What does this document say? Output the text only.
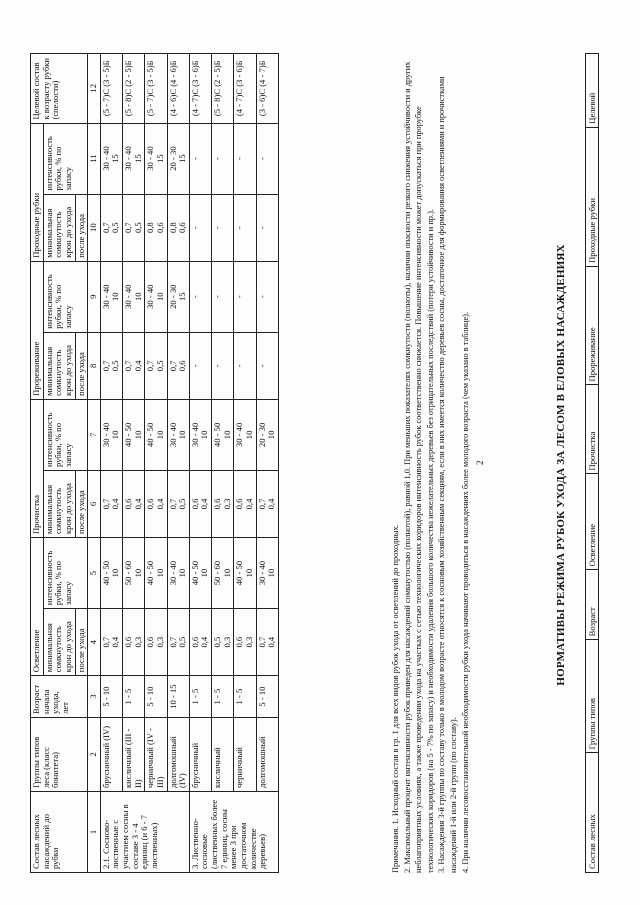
Состав лесных насаждений до рубки	Группы типов леса (класс бонитета)	Возраст начала ухода, лет	Осветление		Прочистка		Прореживание		Проходные рубки		Целевой состав к возрасту рубки (спелости)
			минимальная сомкнутость крон до ухода	интенсивность рубки, % по запасу	минимальная сомкнутость крон до ухода	интенсивность рубки, % по запасу	минимальная сомкнутость крон до ухода	интенсивность рубки, % по запасу	минимальная сомкнутость крон до ухода	интенсивность рубки, % по запасу	
			после ухода		после ухода		после ухода		после ухода		
1	2	3	4	5	6	7	8	9	10	11	12
2.1. Сосново-лиственные с участием сосны в составе 3 - 4 единиц (и 6 - 7 лиственных)	брусничный (IV)	5 - 10	0,7 0,4	40 - 50 10	0,7 0,4	30 - 40 10	0,7 0,5	30 - 40 10	0,7 0,5	30 - 40 15	(5 - 7)С (3 - 5)Б
	кисличный (III - II)	1 - 5	0,6 0,3	50 - 60 10	0,6 0,4	40 - 50 10	0,7 0,4	30 - 40 10	0,7 0,5	30 - 40 15	(5 - 8)С (2 - 5)Б
	черничный (IV - III)	5 - 10	0,6 0,3	40 - 50 10	0,6 0,4	40 - 50 10	0,7 0,5	30 - 40 10	0,8 0,6	30 - 40 15	(5 - 7)С (3 - 5)Б
	долгомошный (IV)	10 - 15	0,7 0,5	30 - 40 10	0,7 0,5	30 - 40 10	0,7 0,6	20 - 30 15	0,8 0,6	20 - 30 15	(4 - 6)С (4 - 6)Б
3. Лиственно-сосновые (лиственных более 7 единиц, сосны менее 3 при достаточном количестве деревьев)	брусничный	1 - 5	0,6 0,4	40 - 50 10	0,6 0,4	30 - 40 10	-	-	-	-	(4 - 7)С (3 - 6)Б
	кисличный	1 - 5	0,5 0,3	50 - 60 10	0,6 0,3	40 - 50 10	-	-	-	-	(5 - 8)С (2 - 5)Б
	черничный	1 - 5	0,6 0,3	40 - 50 10	0,6 0,4	30 - 40 10	-	-	-	-	(4 - 7)С (3 - 6)Б
	долгомошный	5 - 10	0,7 0,4	30 - 40 10	0,7 0,4	20 - 30 10	-	-	-	-	(3 - 6)С (4 - 7)Б

Примечания. 1. Исходный состав в гр. 1 для всех видов рубок ухода от осветлений до проходных. 2. Максимальный процент интенсивности рубок приведен для насаждений сомкнутостью (полнотой), равной 1,0. При меньших показателях сомкнутости (полноты), наличии опасности резкого снижения устойчивости и других неблагоприятных условиях, а также проведении ухода на участках с сетью технологических коридоров интенсивность рубок соответственно снижается. Повышение интенсивности может допускаться при прорубке технологических коридоров (на 5 - 7% по запасу) и необходимости удаления большого количества нежелательных деревьев без отрицательных последствий (потери устойчивости и пр.). 3. Насаждения 3-й группы по составу только в молодом возрасте относятся к сосновым хозяйственным секциям, если в них имеется количество деревьев сосны, достаточное для формирования осветлениями и прочистками насаждений 1-й или 2-й групп (по составу). 4. При наличии лесовосстановительной необходимости рубки ухода начинают проводиться в насаждениях более молодого возраста (чем указано в таблице). 2	НОРМАТИВЫ РЕЖИМА РУБОК УХОДА ЗА ЛЕСОМ В ЕЛОВЫХ НАСАЖДЕНИЯХ
Состав лесных	Группы типов	Возраст	Осветление	Прочистка	Прореживание	Проходные рубки	Целевой
